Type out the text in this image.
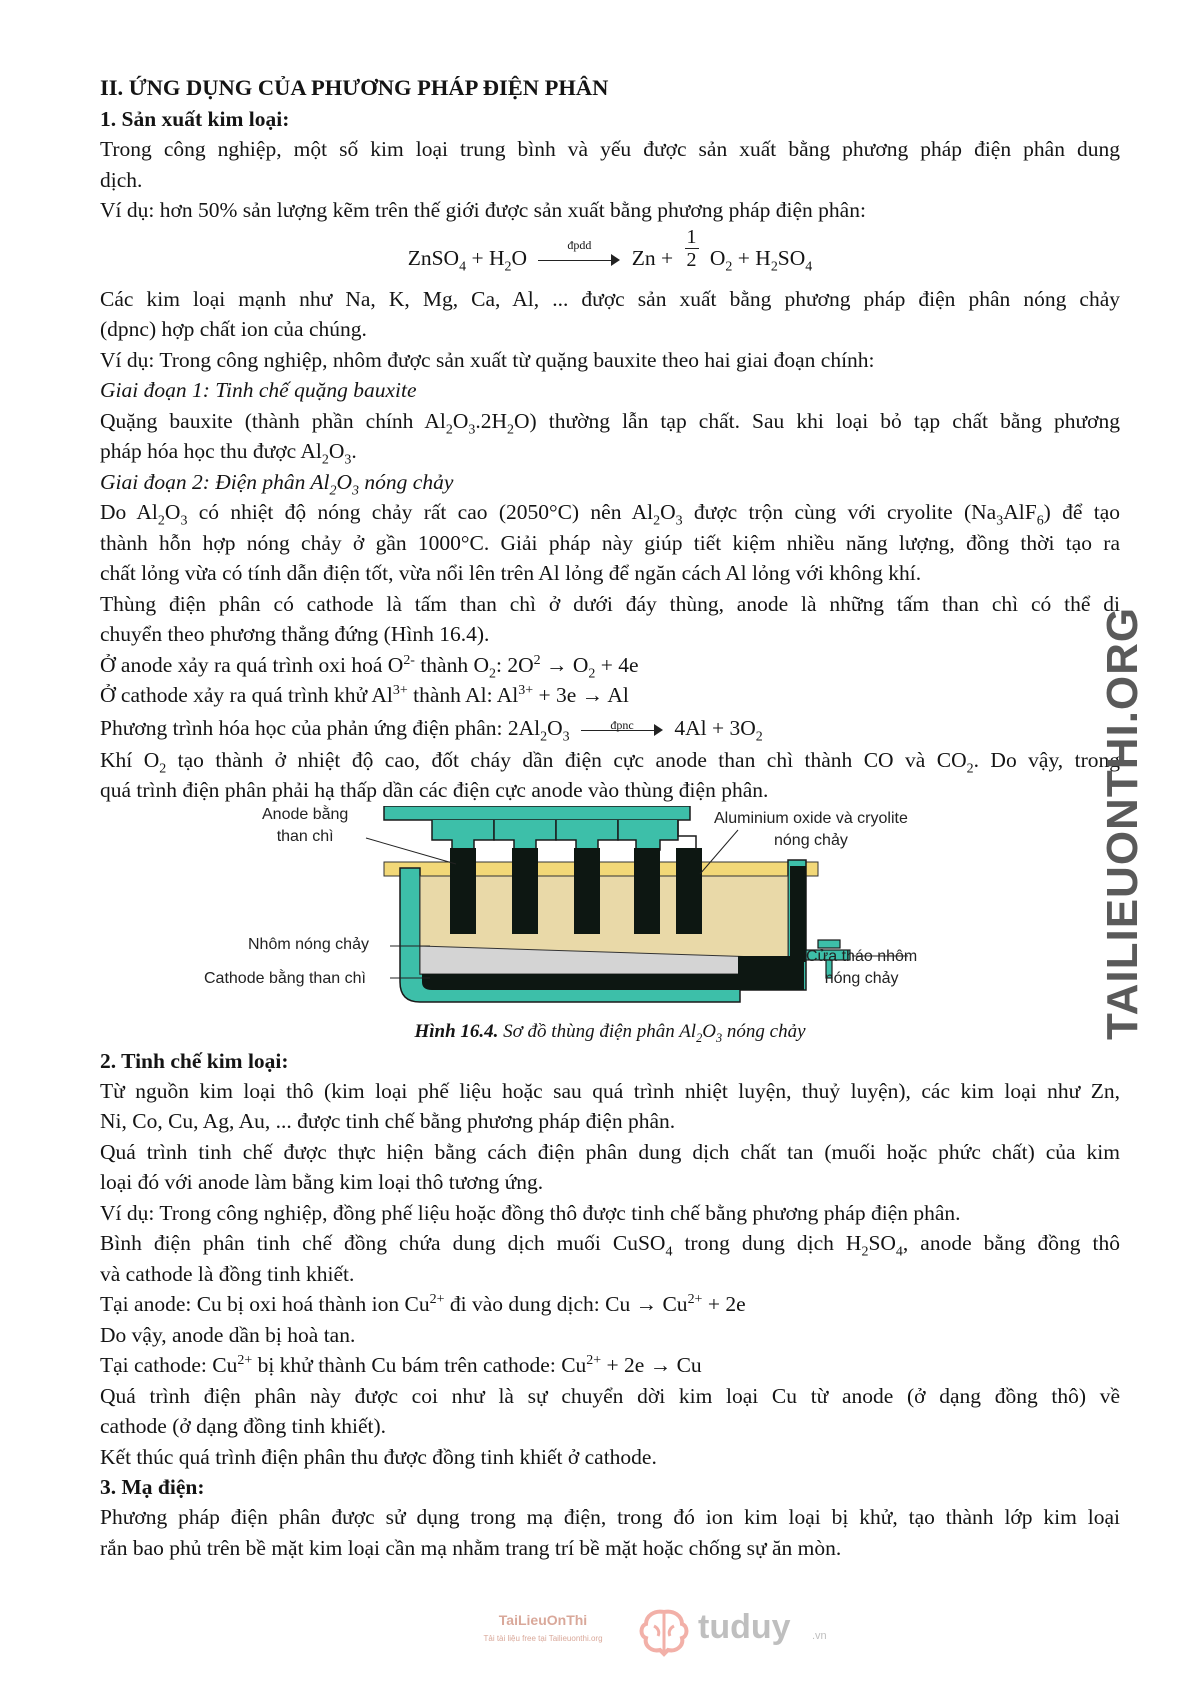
II. ỨNG DỤNG CỦA PHƯƠNG PHÁP ĐIỆN PHÂN
1. Sản xuất kim loại:
Trong công nghiệp, một số kim loại trung bình và yếu được sản xuất bằng phương pháp điện phân dung
dịch.
Ví dụ: hơn 50% sản lượng kẽm trên thế giới được sản xuất bằng phương pháp điện phân:
ZnSO$_4$ + $H_2O$
đpdd
$Zn + \frac{1}{2} O_2 + H_2SO_4$
Các kim loại mạnh như Na, K, Mg, Ca, Al, ... được sản xuất bằng phương pháp điện phân nóng chảy
(dpnc) hợp chất ion của chúng.
Ví dụ: Trong công nghiệp, nhôm được sản xuất từ quặng bauxite theo hai giai đoạn chính:
Giai đoạn 1: Tinh chế quặng bauxite
Quặng bauxite (thành phần chính $Al_2O_3.2H_2O$) thường lẫn tạp chất. Sau khi loại bỏ tạp chất bằng phương
pháp hóa học thu được $Al_2O_3$.
Giai đoạn 2: Điện phân $Al_2O_3$ nóng chảy
Do $Al_2O_3$ có nhiệt độ nóng chảy rất cao (2050°C) nên $Al_2O_3$ được trộn cùng với cryolite $(Na_3AlF_6)$ để tạo
thành hỗn hợp nóng chảy ở gần 1000°C. Giải pháp này giúp tiết kiệm nhiều năng lượng, đồng thời tạo ra
chất lỏng vừa có tính dẫn điện tốt, vừa nổi lên trên Al lỏng để ngăn cách Al lỏng với không khí.
Thùng điện phân có cathode là tấm than chì ở dưới đáy thùng, anode là những tấm than chì có thể di
chuyển theo phương thẳng đứng (Hình 16.4).
Ở anode xảy ra quá trình oxi hoá $O^{2-}$ thành $O_2$: $2O^2 \to O_2 + 4e$
Ở cathode xảy ra quá trình khử $Al^{3+}$ thành Al: $Al^{3+} + 3e \to Al$
Phương trình hóa học của phản ứng điện phân: $2Al_2O_3$
đpnc	$4Al + 3O_2$
Khí $O_2$ tạo thành ở nhiệt độ cao, đốt cháy dần điện cực anode than chì thành CO và $CO_2$. Do vậy, trong
quá trình điện phân phải hạ thấp dần các điện cực anode vào thùng điện phân.
Anode bằng
than chì
Aluminium oxide và cryolite
nóng chảy
Nhôm nóng chảy
Cathode bằng than chì
Cửa tháo nhôm
nóng chảy
Hình 16.4. Sơ đồ thùng điện phân $Al_2O_3$ nóng chảy
2. Tinh chế kim loại:
Từ nguồn kim loại thô (kim loại phế liệu hoặc sau quá trình nhiệt luyện, thuỷ luyện), các kim loại như Zn,
Ni, Co, Cu, Ag, Au, ... được tinh chế bằng phương pháp điện phân.
Quá trình tinh chế được thực hiện bằng cách điện phân dung dịch chất tan (muối hoặc phức chất) của kim
loại đó với anode làm bằng kim loại thô tương ứng.
Ví dụ: Trong công nghiệp, đồng phế liệu hoặc đồng thô được tinh chế bằng phương pháp điện phân.
Bình điện phân tinh chế đồng chứa dung dịch muối CuSO$_4$ trong dung dịch $H_2SO_4$, anode bằng đồng thô
và cathode là đồng tinh khiết.
Tại anode: Cu bị oxi hoá thành ion $Cu^{2+}$ đi vào dung dịch: $Cu \to Cu^{2+} + 2e$
Do vậy, anode dần bị hoà tan.
Tại cathode: $Cu^{2+}$ bị khử thành Cu bám trên cathode: $Cu^{2+} + 2e \to Cu$
Quá trình điện phân này được coi như là sự chuyển dời kim loại Cu từ anode (ở dạng đồng thô) về
cathode (ở dạng đồng tinh khiết).
Kết thúc quá trình điện phân thu được đồng tinh khiết ở cathode.
3. Mạ điện:
Phương pháp điện phân được sử dụng trong mạ điện, trong đó ion kim loại bị khử, tạo thành lớp kim loại
rắn bao phủ trên bề mặt kim loại cần mạ nhằm trang trí bề mặt hoặc chống sự ăn mòn.
TAILIEUONTHI.ORG
TaiLieuOnThi
Tải tài liệu free tại Tailieuonthi.org	tuduy .vn
